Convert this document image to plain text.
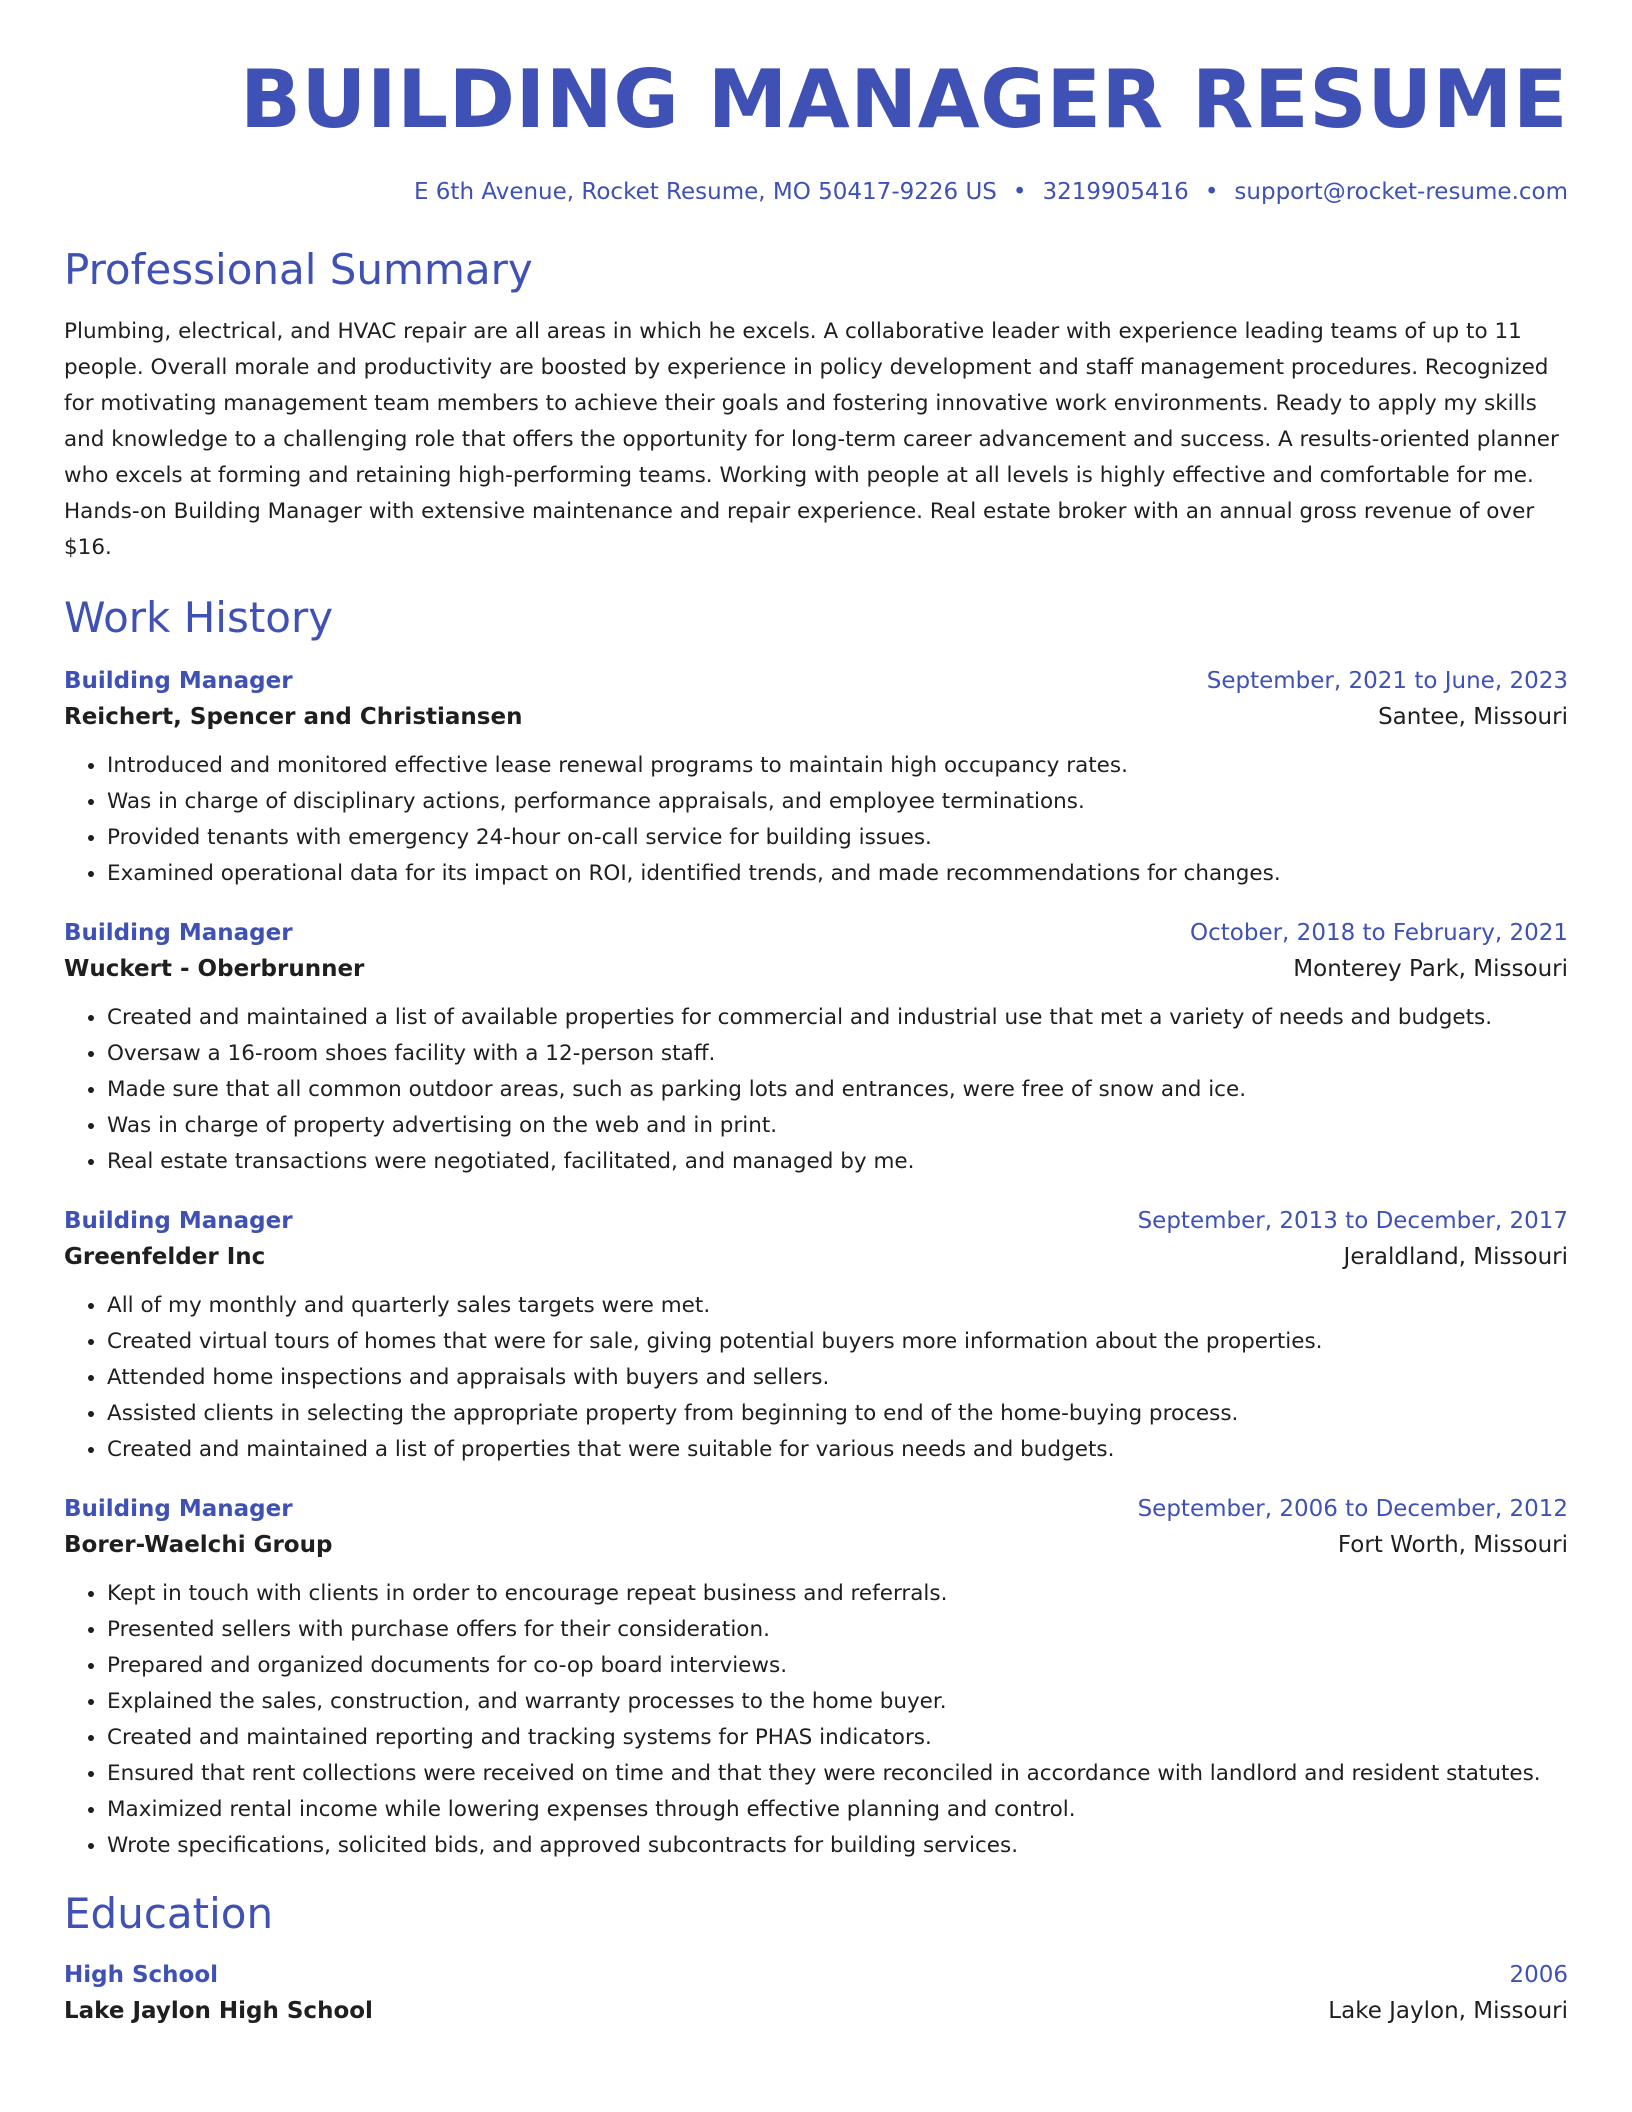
BUILDING MANAGER RESUME
E 6th Avenue, Rocket Resume, MO 50417-9226 US • 3219905416 • support@rocket-resume.com
Professional Summary
Plumbing, electrical, and HVAC repair are all areas in which he excels. A collaborative leader with experience leading teams of up to 11 people. Overall morale and productivity are boosted by experience in policy development and staff management procedures. Recognized for motivating management team members to achieve their goals and fostering innovative work environments. Ready to apply my skills and knowledge to a challenging role that offers the opportunity for long-term career advancement and success. A results-oriented planner who excels at forming and retaining high-performing teams. Working with people at all levels is highly effective and comfortable for me. Hands-on Building Manager with extensive maintenance and repair experience. Real estate broker with an annual gross revenue of over $16.
Work History
Building Manager	September, 2021 to June, 2023
Reichert, Spencer and Christiansen	Santee, Missouri
• Introduced and monitored effective lease renewal programs to maintain high occupancy rates.
• Was in charge of disciplinary actions, performance appraisals, and employee terminations.
• Provided tenants with emergency 24-hour on-call service for building issues.
• Examined operational data for its impact on ROI, identified trends, and made recommendations for changes.
Building Manager	October, 2018 to February, 2021
Wuckert - Oberbrunner	Monterey Park, Missouri
• Created and maintained a list of available properties for commercial and industrial use that met a variety of needs and budgets.
• Oversaw a 16-room shoes facility with a 12-person staff.
• Made sure that all common outdoor areas, such as parking lots and entrances, were free of snow and ice.
• Was in charge of property advertising on the web and in print.
• Real estate transactions were negotiated, facilitated, and managed by me.
Building Manager	September, 2013 to December, 2017
Greenfelder Inc	Jeraldland, Missouri
• All of my monthly and quarterly sales targets were met.
• Created virtual tours of homes that were for sale, giving potential buyers more information about the properties.
• Attended home inspections and appraisals with buyers and sellers.
• Assisted clients in selecting the appropriate property from beginning to end of the home-buying process.
• Created and maintained a list of properties that were suitable for various needs and budgets.
Building Manager	September, 2006 to December, 2012
Borer-Waelchi Group	Fort Worth, Missouri
• Kept in touch with clients in order to encourage repeat business and referrals.
• Presented sellers with purchase offers for their consideration.
• Prepared and organized documents for co-op board interviews.
• Explained the sales, construction, and warranty processes to the home buyer.
• Created and maintained reporting and tracking systems for PHAS indicators.
• Ensured that rent collections were received on time and that they were reconciled in accordance with landlord and resident statutes.
• Maximized rental income while lowering expenses through effective planning and control.
• Wrote specifications, solicited bids, and approved subcontracts for building services.
Education
High School	2006
Lake Jaylon High School	Lake Jaylon, Missouri
